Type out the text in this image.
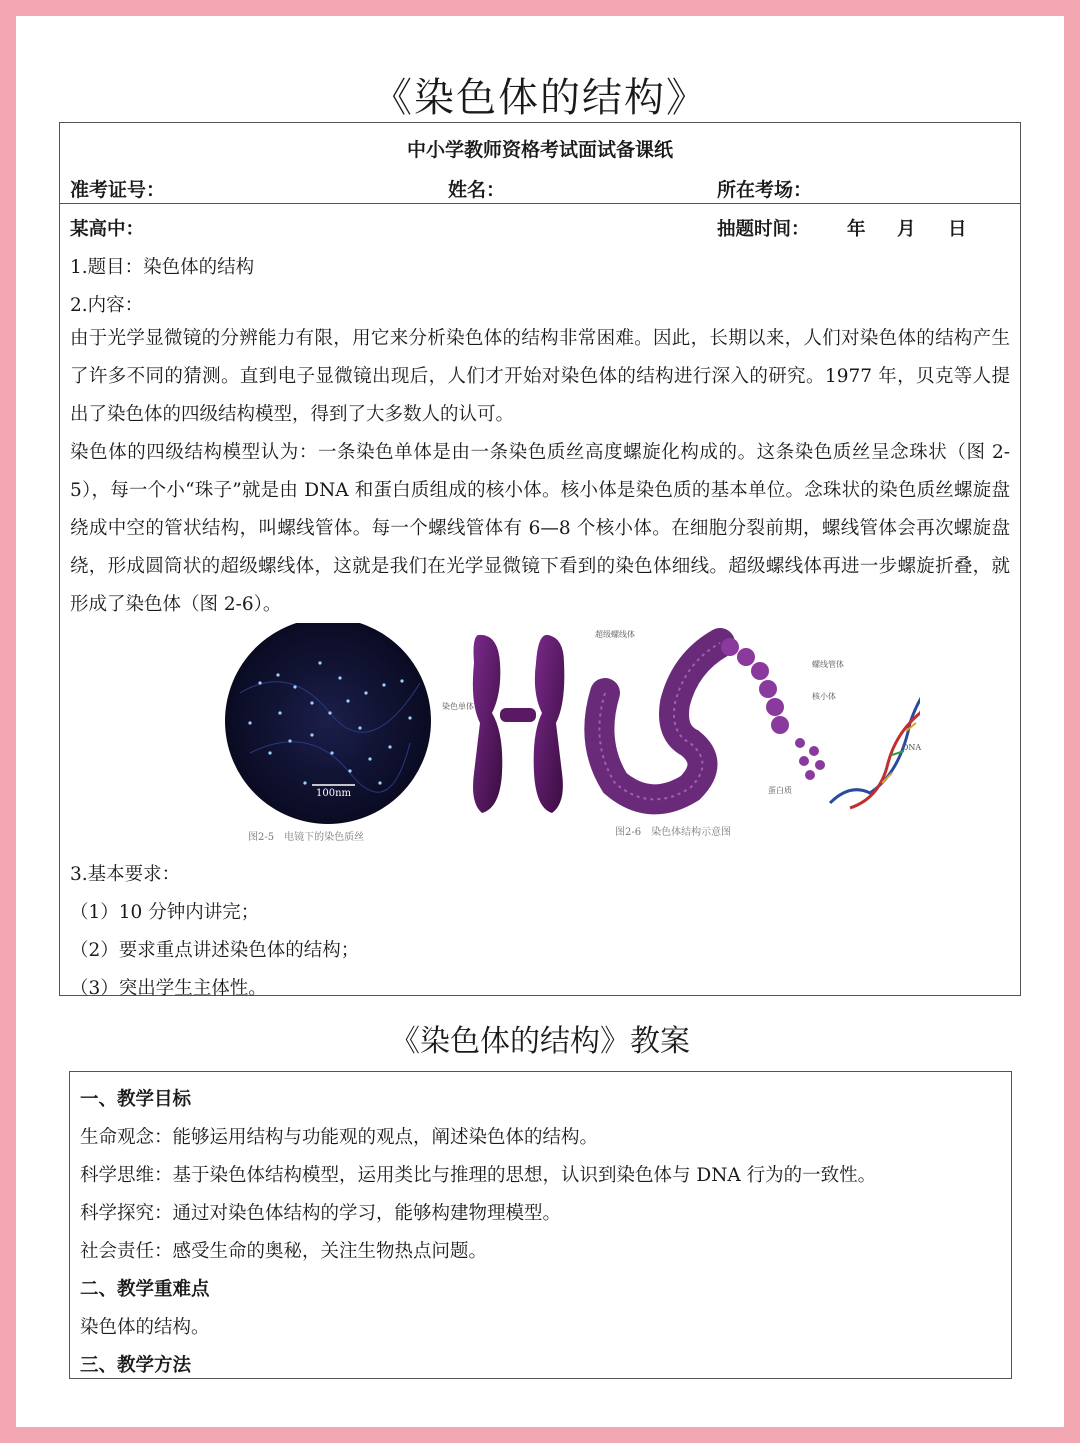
《染色体的结构》
中小学教师资格考试面试备课纸
准考证号：	姓名：	所在考场：
某高中：	抽题时间： 年 月 日
1.题目：染色体的结构
2.内容：
由于光学显微镜的分辨能力有限，用它来分析染色体的结构非常困难。因此，长期以来，人们对染色体的结构产生了许多不同的猜测。直到电子显微镜出现后，人们才开始对染色体的结构进行深入的研究。1977 年，贝克等人提出了染色体的四级结构模型，得到了大多数人的认可。
染色体的四级结构模型认为：一条染色单体是由一条染色质丝高度螺旋化构成的。这条染色质丝呈念珠状（图 2-5），每一个小“珠子”就是由 DNA 和蛋白质组成的核小体。核小体是染色质的基本单位。念珠状的染色质丝螺旋盘绕成中空的管状结构，叫螺线管体。每一个螺线管体有 6—8 个核小体。在细胞分裂前期，螺线管体会再次螺旋盘绕，形成圆筒状的超级螺线体，这就是我们在光学显微镜下看到的染色体细线。超级螺线体再进一步螺旋折叠，就形成了染色体（图 2-6）。
100nm
超级螺线体
染色单体
螺线管体
核小体
蛋白质
DNA
图2-5　电镜下的染色质丝	图2-6　染色体结构示意图
3.基本要求：
（1）10 分钟内讲完；
（2）要求重点讲述染色体的结构；
（3）突出学生主体性。
《染色体的结构》教案
一、教学目标
生命观念：能够运用结构与功能观的观点，阐述染色体的结构。
科学思维：基于染色体结构模型，运用类比与推理的思想，认识到染色体与 DNA 行为的一致性。
科学探究：通过对染色体结构的学习，能够构建物理模型。
社会责任：感受生命的奥秘，关注生物热点问题。
二、教学重难点
染色体的结构。
三、教学方法
